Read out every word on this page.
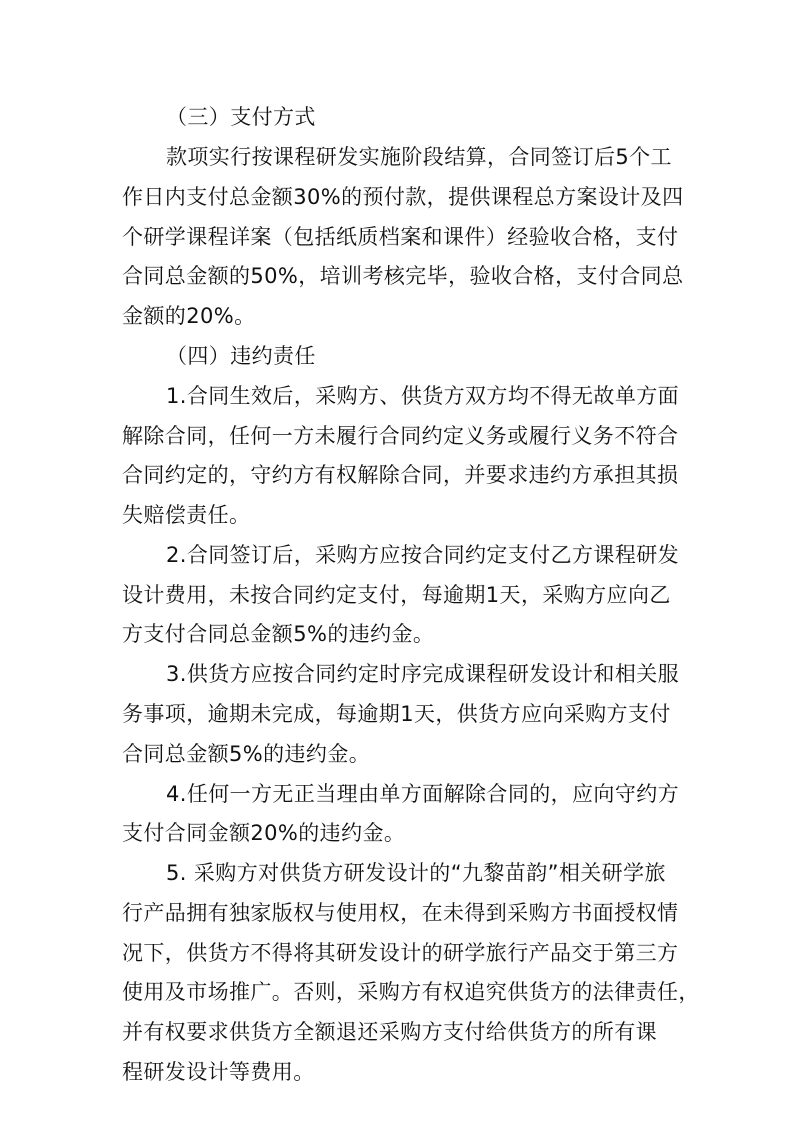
（三）支付方式
款项实行按课程研发实施阶段结算，合同签订后5个工
作日内支付总金额30%的预付款，提供课程总方案设计及四
个研学课程详案（包括纸质档案和课件）经验收合格，支付
合同总金额的50%，培训考核完毕，验收合格，支付合同总
金额的20%。
（四）违约责任
1.合同生效后，采购方、供货方双方均不得无故单方面
解除合同，任何一方未履行合同约定义务或履行义务不符合
合同约定的，守约方有权解除合同，并要求违约方承担其损
失赔偿责任。
2.合同签订后，采购方应按合同约定支付乙方课程研发
设计费用，未按合同约定支付，每逾期1天，采购方应向乙
方支付合同总金额5%的违约金。
3.供货方应按合同约定时序完成课程研发设计和相关服
务事项，逾期未完成，每逾期1天，供货方应向采购方支付
合同总金额5%的违约金。
4.任何一方无正当理由单方面解除合同的，应向守约方
支付合同金额20%的违约金。
5. 采购方对供货方研发设计的“九黎苗韵”相关研学旅
行产品拥有独家版权与使用权，在未得到采购方书面授权情
况下，供货方不得将其研发设计的研学旅行产品交于第三方
使用及市场推广。否则，采购方有权追究供货方的法律责任，
并有权要求供货方全额退还采购方支付给供货方的所有课
程研发设计等费用。
